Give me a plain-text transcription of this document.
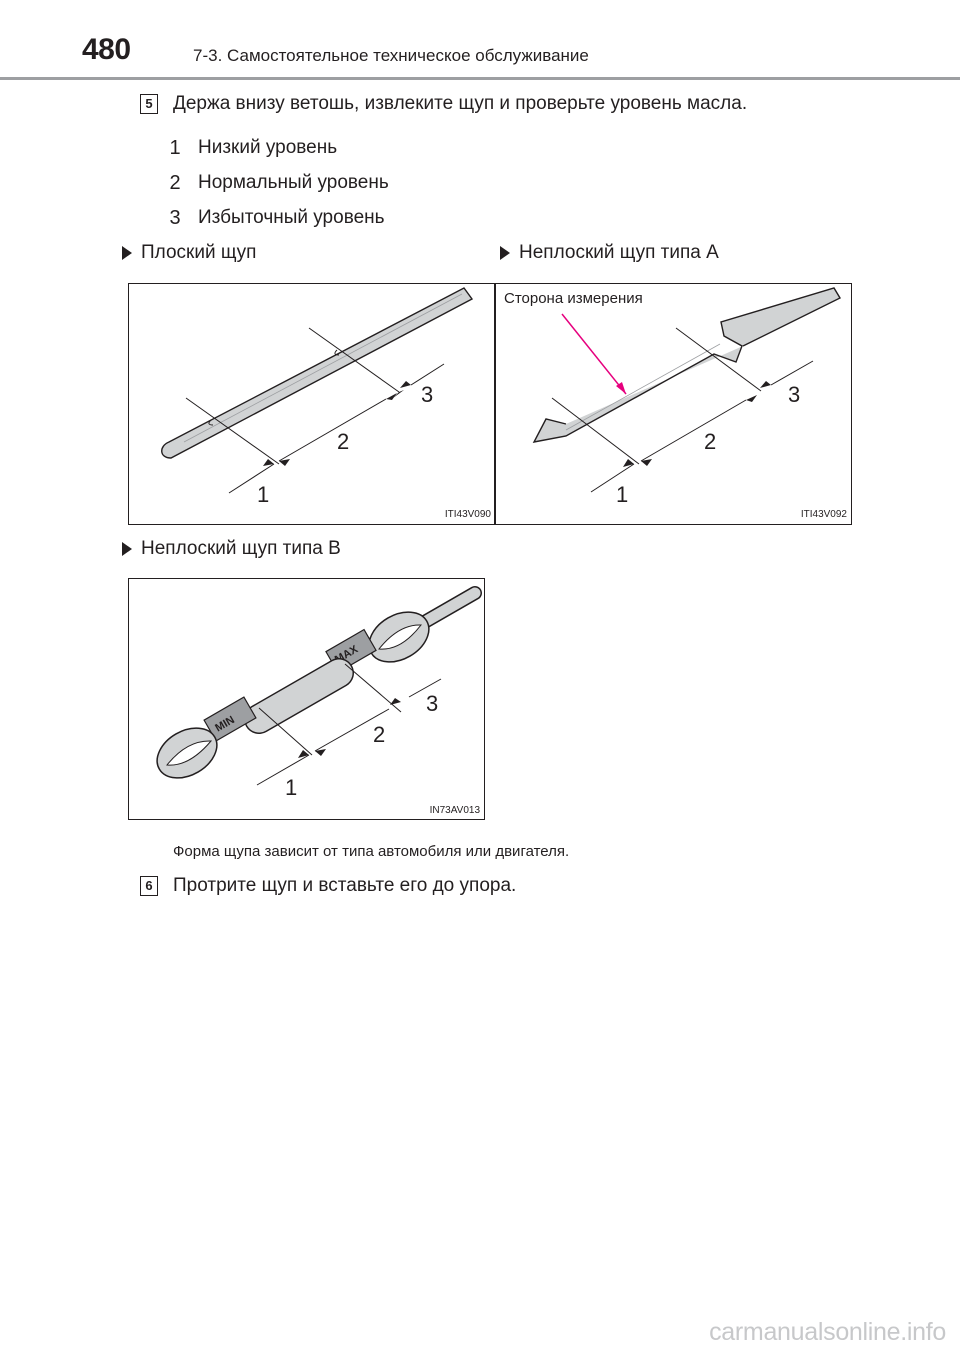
480	7-3. Самостоятельное техническое обслуживание
5 Держа внизу ветошь, извлеките щуп и проверьте уровень масла.
1 Низкий уровень
2 Нормальный уровень
3 Избыточный уровень
Плоский щуп	Неплоский щуп типа A
1
2
3
ITI43V090
Сторона измерения
1
2
3
ITI43V092
Неплоский щуп типа B
MAX
MIN
1
2
3
IN73AV013
Форма щупа зависит от типа автомобиля или двигателя.
6 Протрите щуп и вставьте его до упора.
carmanualsonline.info
